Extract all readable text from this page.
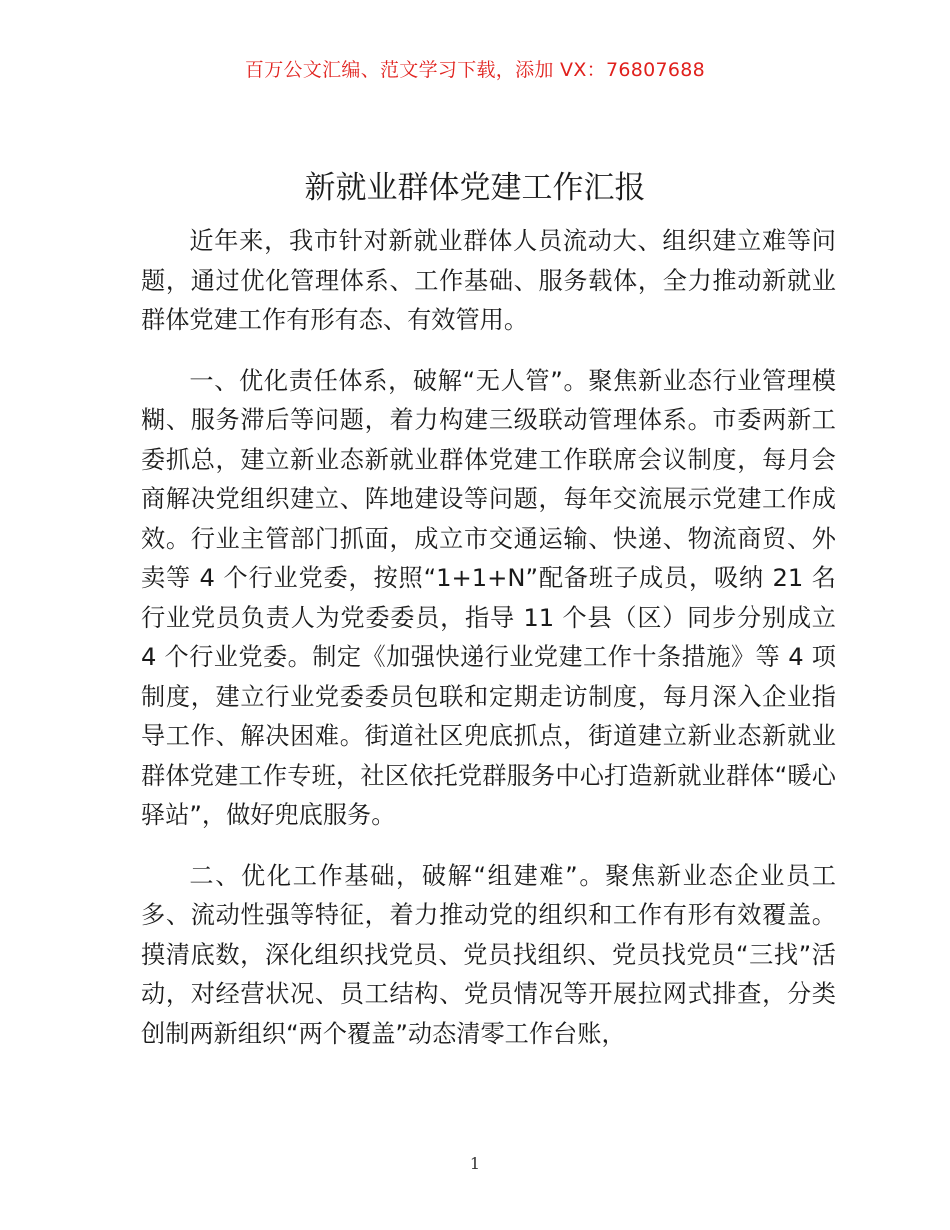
百万公文汇编、范文学习下载，添加 VX：76807688
新就业群体党建工作汇报

近年来，我市针对新就业群体人员流动大、组织建立难等问题，通过优化管理体系、工作基础、服务载体，全力推动新就业群体党建工作有形有态、有效管用。

一、优化责任体系，破解“无人管”。聚焦新业态行业管理模糊、服务滞后等问题，着力构建三级联动管理体系。市委两新工委抓总，建立新业态新就业群体党建工作联席会议制度，每月会商解决党组织建立、阵地建设等问题，每年交流展示党建工作成效。行业主管部门抓面，成立市交通运输、快递、物流商贸、外卖等 4 个行业党委，按照“1+1+N”配备班子成员，吸纳 21 名行业党员负责人为党委委员，指导 11 个县（区）同步分别成立 4 个行业党委。制定《加强快递行业党建工作十条措施》等 4 项制度，建立行业党委委员包联和定期走访制度，每月深入企业指导工作、解决困难。街道社区兜底抓点，街道建立新业态新就业群体党建工作专班，社区依托党群服务中心打造新就业群体“暖心驿站”，做好兜底服务。

二、优化工作基础，破解“组建难”。聚焦新业态企业员工多、流动性强等特征，着力推动党的组织和工作有形有效覆盖。摸清底数，深化组织找党员、党员找组织、党员找党员“三找”活动，对经营状况、员工结构、党员情况等开展拉网式排查，分类创制两新组织“两个覆盖”动态清零工作台账，

1
